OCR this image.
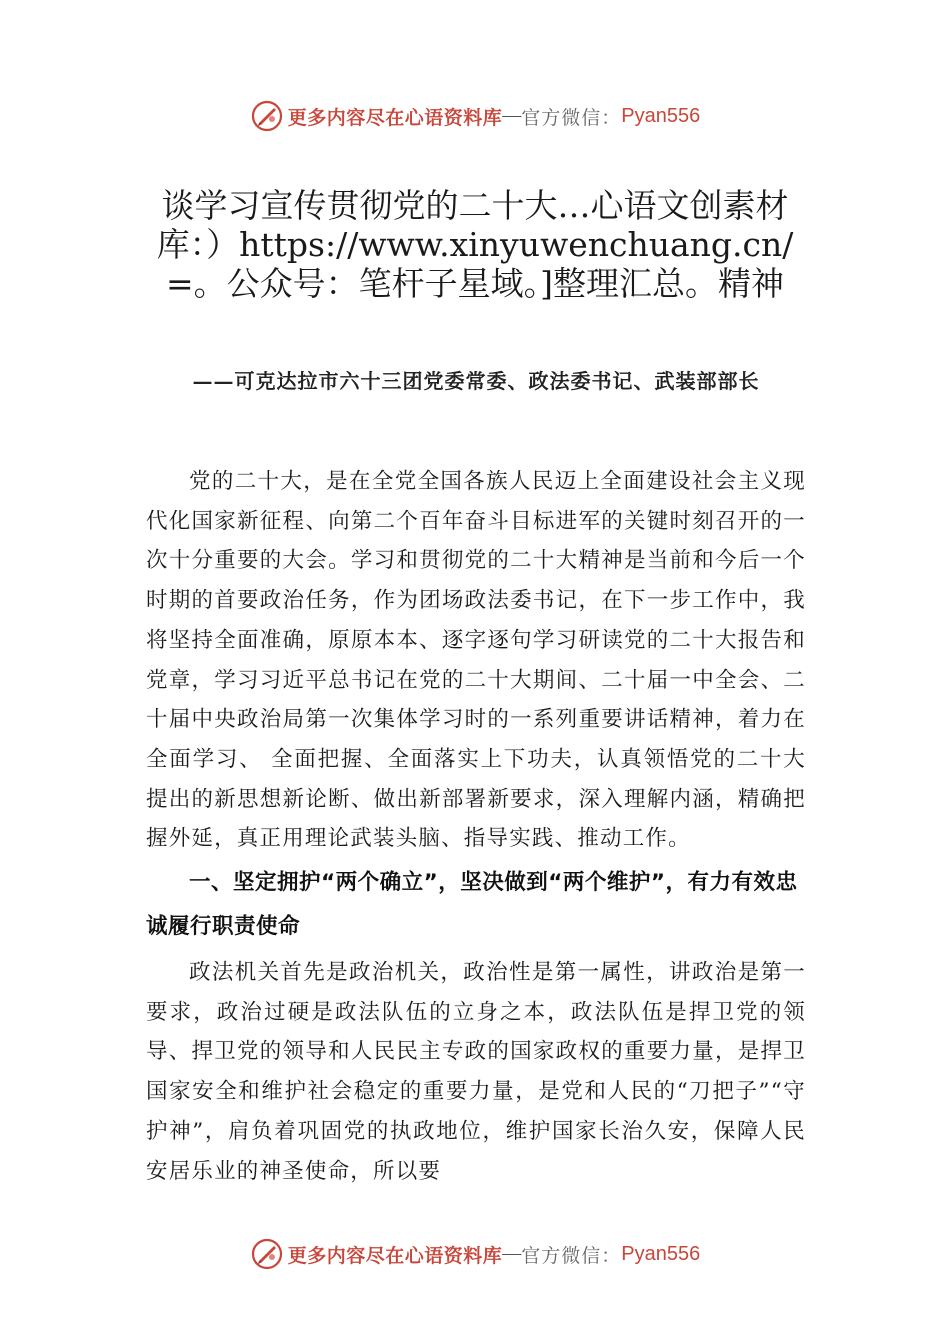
更多内容尽在心语资料库 — 官方微信： Pyan556
谈学习宣传贯彻党的二十大…心语文创素材库：）https://www.xinyuwenchuang.cn/=。公众号：笔杆子星域。]整理汇总。精神
——可克达拉市六十三团党委常委、政法委书记、武装部部长

党的二十大，是在全党全国各族人民迈上全面建设社会主义现代化国家新征程、向第二个百年奋斗目标进军的关键时刻召开的一次十分重要的大会。学习和贯彻党的二十大精神是当前和今后一个时期的首要政治任务，作为团场政法委书记，在下一步工作中，我将坚持全面准确，原原本本、逐字逐句学习研读党的二十大报告和党章，学习习近平总书记在党的二十大期间、二十届一中全会、二十届中央政治局第一次集体学习时的一系列重要讲话精神，着力在全面学习、 全面把握、全面落实上下功夫，认真领悟党的二十大提出的新思想新论断、做出新部署新要求，深入理解内涵，精确把握外延，真正用理论武装头脑、指导实践、推动工作。

一、坚定拥护“两个确立”，坚决做到“两个维护”，有力有效忠诚履行职责使命

政法机关首先是政治机关，政治性是第一属性，讲政治是第一要求，政治过硬是政法队伍的立身之本，政法队伍是捍卫党的领导、捍卫党的领导和人民民主专政的国家政权的重要力量，是捍卫国家安全和维护社会稳定的重要力量，是党和人民的“刀把子”“守护神”，肩负着巩固党的执政地位，维护国家长治久安，保障人民安居乐业的神圣使命，所以要

更多内容尽在心语资料库 — 官方微信： Pyan556
